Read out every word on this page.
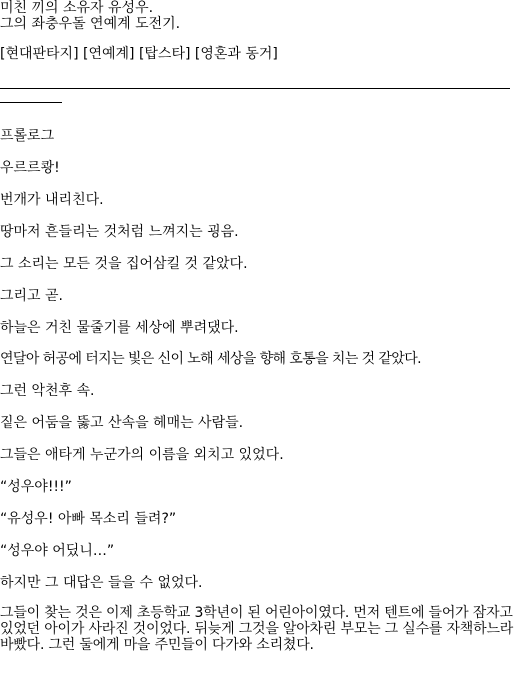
미친 끼의 소유자 유성우.

그의 좌충우돌 연예계 도전기.

[현대판타지] [연예계] [탑스타] [영혼과 동거]

프롤로그

우르르쾅!

번개가 내리친다.

땅마저 흔들리는 것처럼 느껴지는 굉음.

그 소리는 모든 것을 집어삼킬 것 같았다.

그리고 곧.

하늘은 거친 물줄기를 세상에 뿌려댔다.

연달아 허공에 터지는 빛은 신이 노해 세상을 향해 호통을 치는 것 같았다.

그런 악천후 속.

짙은 어둠을 뚫고 산속을 헤매는 사람들.

그들은 애타게 누군가의 이름을 외치고 있었다.

“성우야!!!”

“유성우! 아빠 목소리 들려?”

“성우야 어딨니…”

하지만 그 대답은 들을 수 없었다.

그들이 찾는 것은 이제 초등학교 3학년이 된 어린아이였다. 먼저 텐트에 들어가 잠자고 있었던 아이가 사라진 것이었다. 뒤늦게 그것을 알아차린 부모는 그 실수를 자책하느라 바빴다. 그런 둘에게 마을 주민들이 다가와 소리쳤다.
